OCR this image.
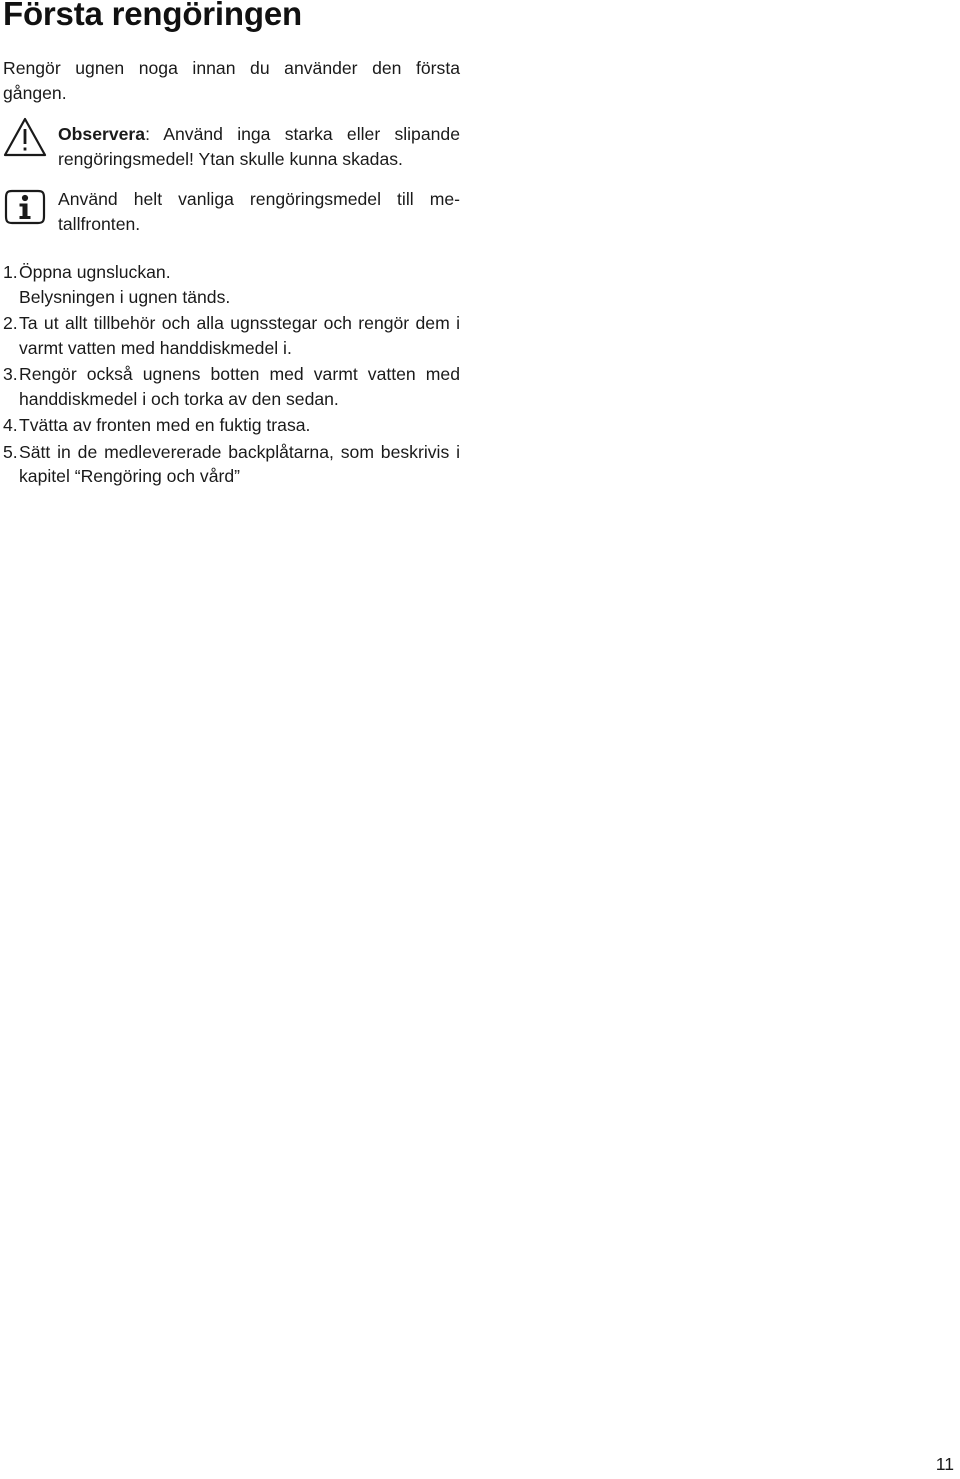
Första rengöringen

Rengör ugnen noga innan du använder den första gången.

Observera: Använd inga starka eller slipande rengöringsmedel! Ytan skulle kunna skadas.
Använd helt vanliga rengöringsmedel till metallfronten.
1. Öppna ugnsluckan.
Belysningen i ugnen tänds.
2. Ta ut allt tillbehör och alla ugnsstegar och rengör dem i varmt vatten med handdiskmedel i.
3. Rengör också ugnens botten med varmt vatten med handdiskmedel i och torka av den sedan.
4. Tvätta av fronten med en fuktig trasa.
5. Sätt in de medlevererade backplåtarna, som beskrivis i kapitel “Rengöring och vård”
11
